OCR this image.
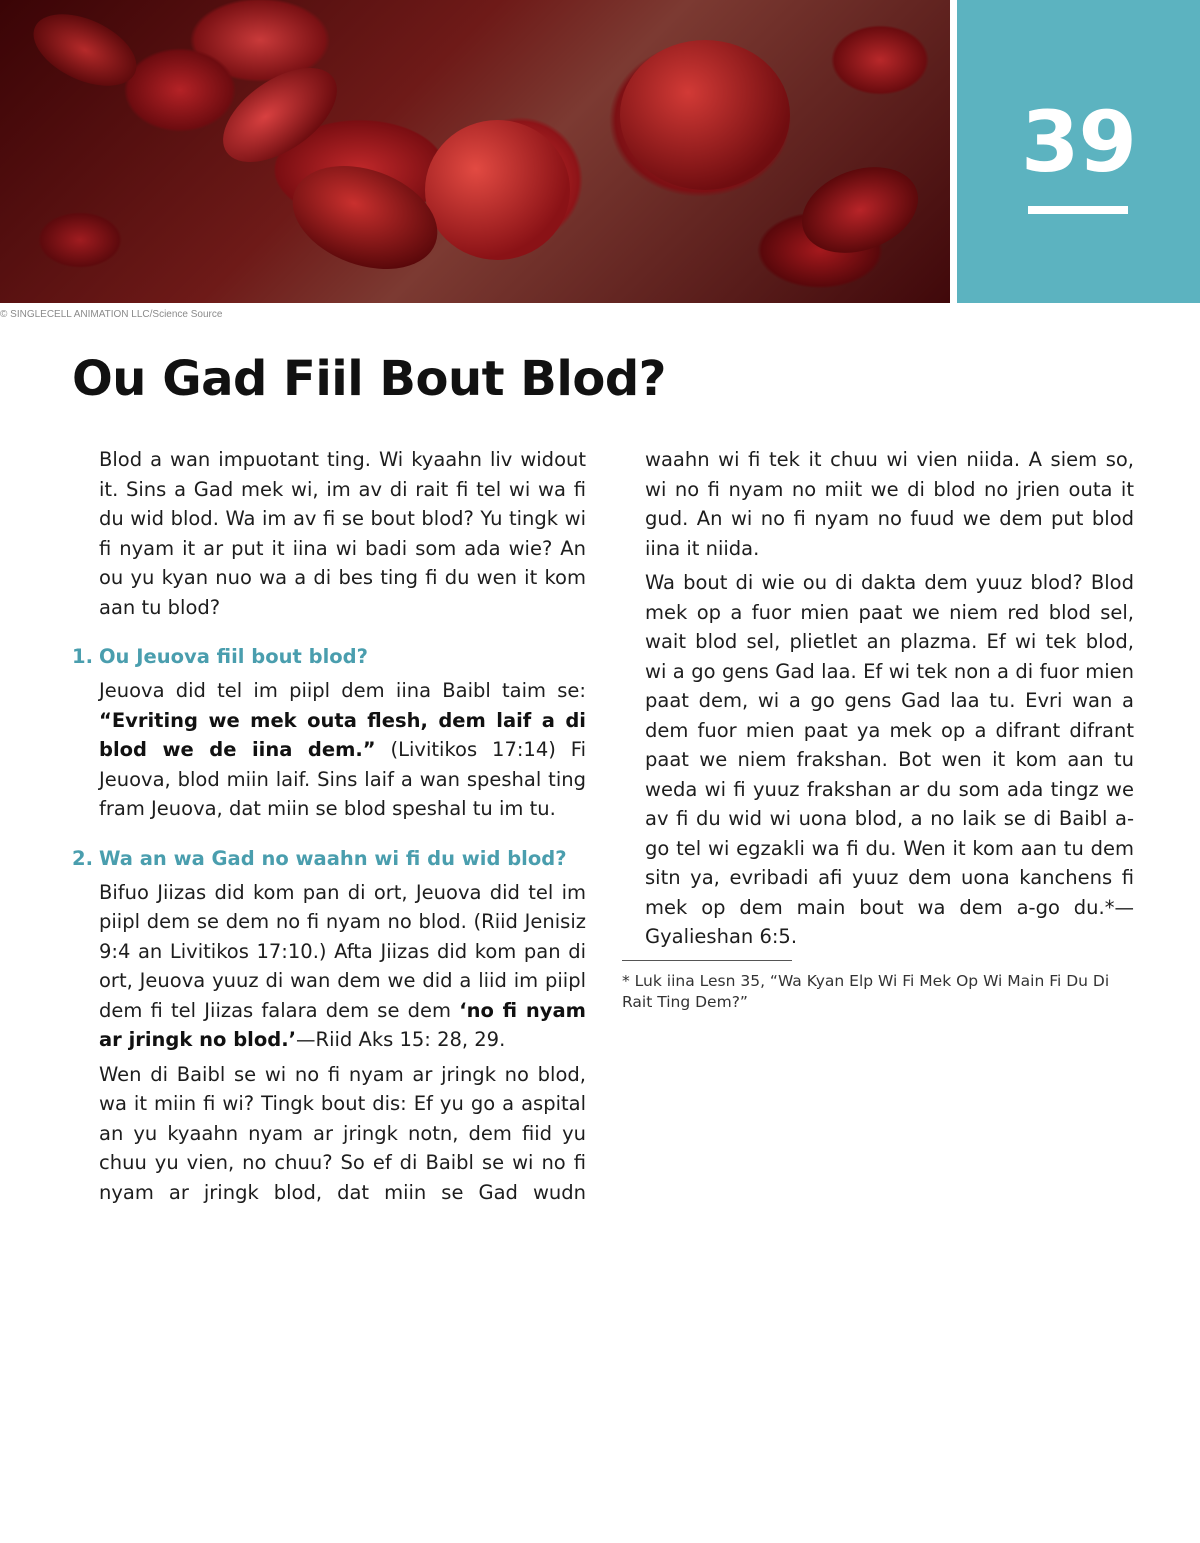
39
© SINGLECELL ANIMATION LLC/Science Source
Ou Gad Fiil Bout Blod?

Blod a wan impuotant ting. Wi kyaahn liv widout it. Sins a Gad mek wi, im av di rait fi tel wi wa fi du wid blod. Wa im av fi se bout blod? Yu tingk wi fi nyam it ar put it iina wi badi som ada wie? An ou yu kyan nuo wa a di bes ting fi du wen it kom aan tu blod?

1. Ou Jeuova fiil bout blod?

Jeuova did tel im piipl dem iina Baibl taim se: “Evriting we mek outa flesh, dem laif a di blod we de iina dem.” (Livitikos 17:14) Fi Jeuova, blod miin laif. Sins laif a wan speshal ting fram Jeuova, dat miin se blod speshal tu im tu.

2. Wa an wa Gad no waahn wi fi du wid blod?

Bifuo Jiizas did kom pan di ort, Jeuova did tel im piipl dem se dem no fi nyam no blod. (Riid Jenisiz 9:4 an Livitikos 17:10.) Afta Jiizas did kom pan di ort, Jeuova yuuz di wan dem we did a liid im piipl dem fi tel Jiizas falara dem se dem ‘no fi nyam ar jringk no blod.’—Riid Aks 15: 28, 29.

Wen di Baibl se wi no fi nyam ar jringk no blod, wa it miin fi wi? Tingk bout dis: Ef yu go a aspital an yu kyaahn nyam ar jringk notn, dem fiid yu chuu yu vien, no chuu? So ef di Baibl se wi no fi nyam ar jringk blod, dat miin se Gad wudn

waahn wi fi tek it chuu wi vien niida. A siem so, wi no fi nyam no miit we di blod no jrien outa it gud. An wi no fi nyam no fuud we dem put blod iina it niida.

Wa bout di wie ou di dakta dem yuuz blod? Blod mek op a fuor mien paat we niem red blod sel, wait blod sel, plietlet an plazma. Ef wi tek blod, wi a go gens Gad laa. Ef wi tek non a di fuor mien paat dem, wi a go gens Gad laa tu. Evri wan a dem fuor mien paat ya mek op a difrant difrant paat we niem frakshan. Bot wen it kom aan tu weda wi fi yuuz frakshan ar du som ada tingz we av fi du wid wi uona blod, a no laik se di Baibl a-go tel wi egzakli wa fi du. Wen it kom aan tu dem sitn ya, evribadi afi yuuz dem uona kanchens fi mek op dem main bout wa dem a-go du.*—Gyalieshan 6:5.

* Luk iina Lesn 35, “Wa Kyan Elp Wi Fi Mek Op Wi Main Fi Du Di Rait Ting Dem?”
